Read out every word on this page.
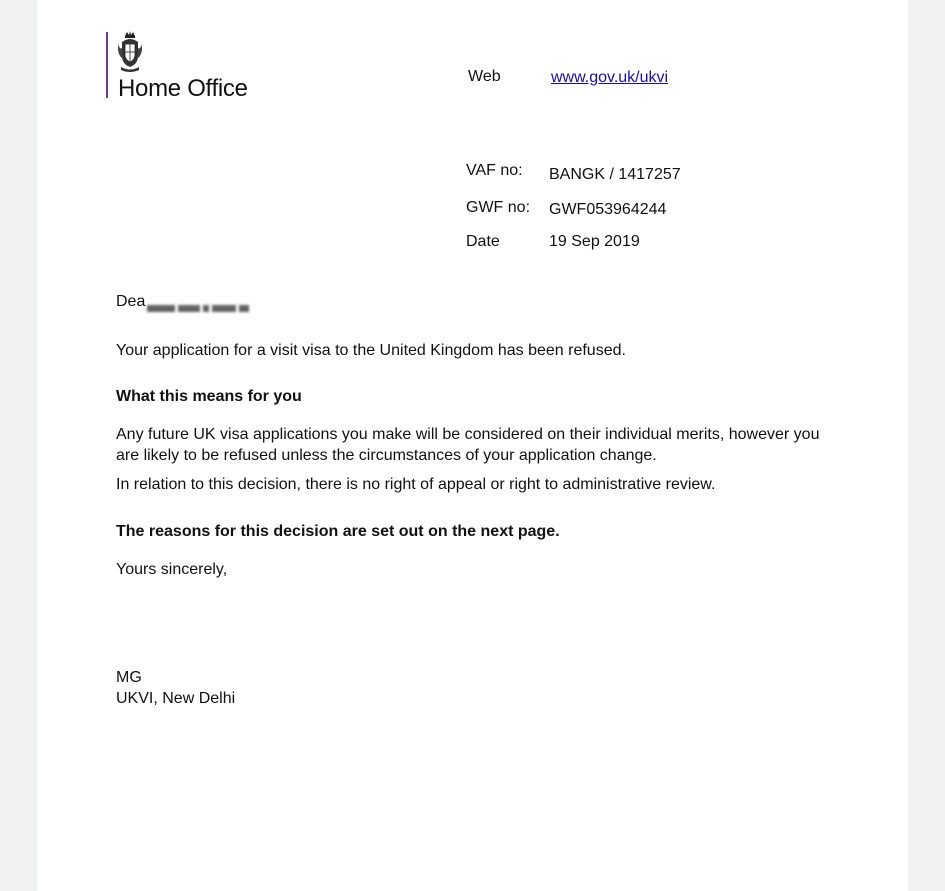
Home Office	Web	www.gov.uk/ukvi
VAF no: BANGK / 1417257
GWF no: GWF053964244
Date	19 Sep 2019
Dea
Your application for a visit visa to the United Kingdom has been refused.
What this means for you
Any future UK visa applications you make will be considered on their individual merits, however you
are likely to be refused unless the circumstances of your application change.
In relation to this decision, there is no right of appeal or right to administrative review.
The reasons for this decision are set out on the next page.
Yours sincerely,
MG
UKVI, New Delhi
